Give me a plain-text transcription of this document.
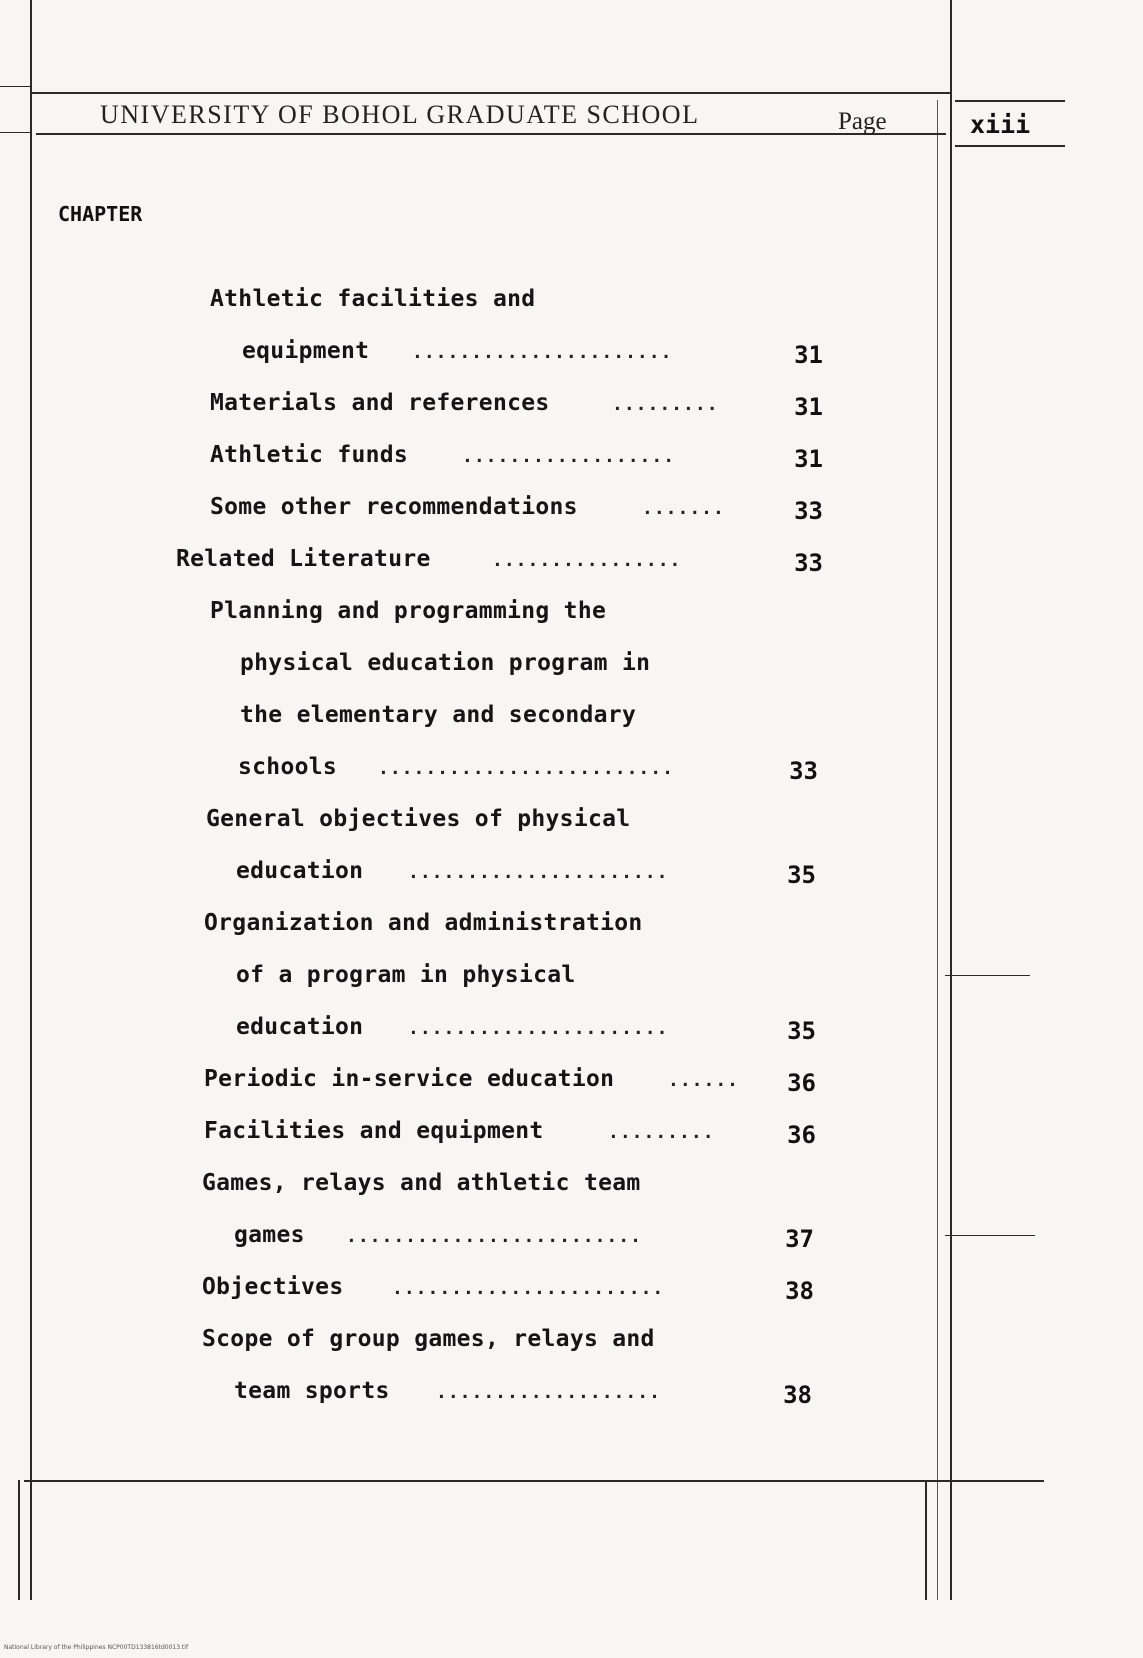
UNIVERSITY OF BOHOL GRADUATE SCHOOL	Page	xiii
CHAPTER
Athletic facilities and
equipment ......................	31
Materials and references	.........	31
Athletic funds	..................	31
Some other recommendations	.......	33
Related Literature	................	33
Planning and programming the
physical education program in
the elementary and secondary
schools .........................	33
General objectives of physical
education ......................	35
Organization and administration
of a program in physical
education ......................	35
Periodic in-service education	......	36
Facilities and equipment	.........	36
Games, relays and athletic team
games .........................	37
Objectives	.......................	38
Scope of group games, relays and
team sports	...................	38
National Library of the Philippines NCP00TD133816td0013.tif
